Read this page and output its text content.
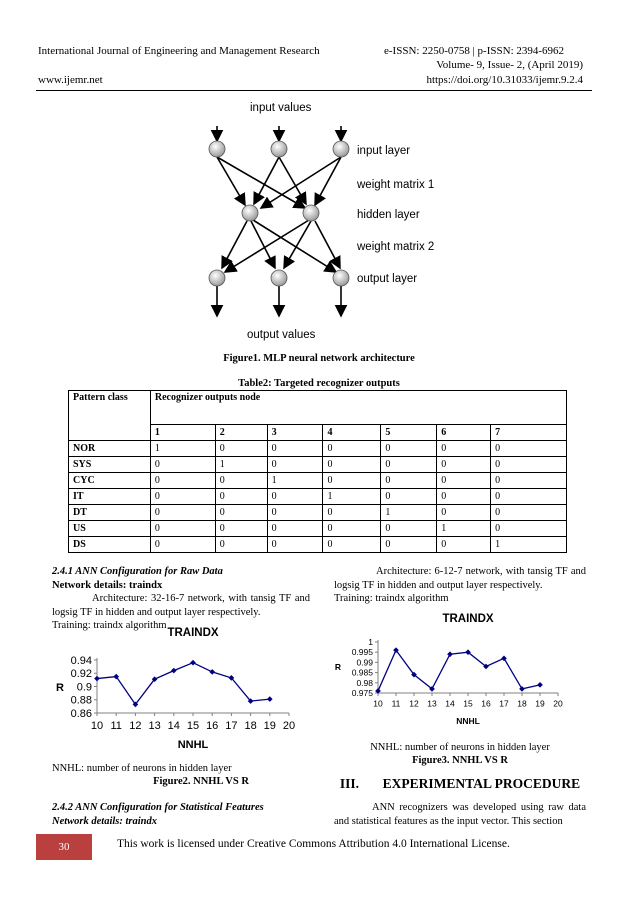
International Journal of Engineering and Management Research	e-ISSN: 2250-0758 | p-ISSN: 2394-6962
Volume- 9, Issue- 2, (April 2019)
www.ijemr.net	https://doi.org/10.31033/ijemr.9.2.4
input values
input layer
weight matrix 1
hidden layer
weight matrix 2
output layer
output values
Figure1. MLP neural network architecture
Table2: Targeted recognizer outputs
Pattern class	Recognizer outputs node						
	1	2	3	4	5	6	7
NOR	1	0	0	0	0	0	0
SYS	0	1	0	0	0	0	0
CYC	0	0	1	0	0	0	0
IT	0	0	0	1	0	0	0
DT	0	0	0	0	1	0	0
US	0	0	0	0	0	1	0
DS	0	0	0	0	0	0	1
2.4.1 ANN Configuration for Raw Data
Network details: traindx
Architecture: 32-16-7 network, with tansig TF and logsig TF in hidden and output layer respectively.
Training: traindx algorithm
TRAINDX
0.94
0.92
0.9
0.88
0.86
10 11 12 13 14 15 16 17 18 19 20
NNHL
R
NNHL: number of neurons in hidden layer
Figure2. NNHL VS R
2.4.2 ANN Configuration for Statistical Features
Network details: traindx
Architecture: 6-12-7 network, with tansig TF and logsig TF in hidden and output layer respectively.
Training: traindx algorithm
TRAINDX
1
0.995
0.99
0.985
0.98
0.975
10 11 12 13 14 15 16 17 18 19 20
NNHL
R
NNHL: number of neurons in hidden layer
Figure3. NNHL VS R
III.       EXPERIMENTAL PROCEDURE
ANN recognizers was developed using raw data and statistical features as the input vector. This section
30	This work is licensed under Creative Commons Attribution 4.0 International License.
